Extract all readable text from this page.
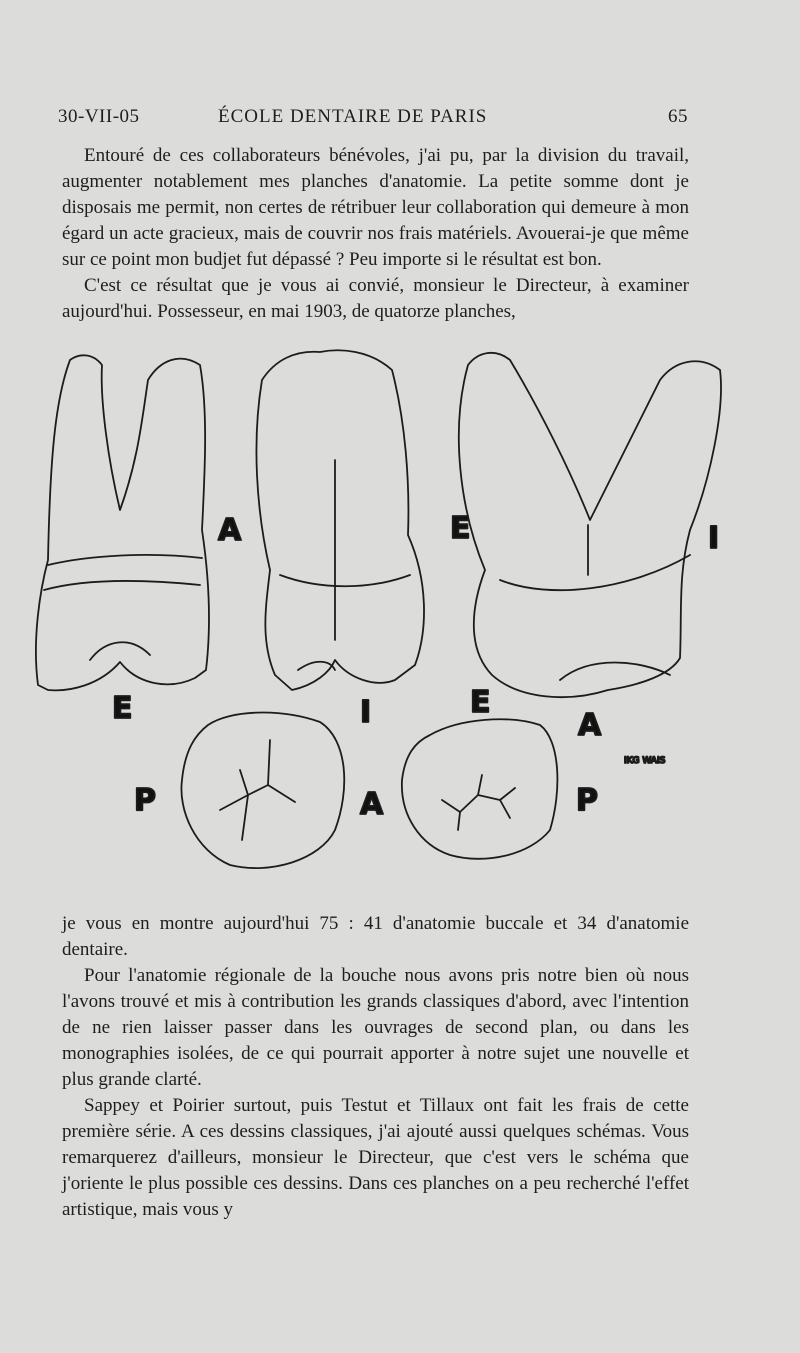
30-VII-05	ÉCOLE DENTAIRE DE PARIS	65

Entouré de ces collaborateurs bénévoles, j'ai pu, par la division du travail, augmenter notablement mes planches d'anatomie. La petite somme dont je disposais me permit, non certes de rétribuer leur collaboration qui demeure à mon égard un acte gracieux, mais de couvrir nos frais matériels. Avouerai-je que même sur ce point mon budjet fut dépassé ? Peu importe si le résultat est bon.

C'est ce résultat que je vous ai convié, monsieur le Directeur, à examiner aujourd'hui. Possesseur, en mai 1903, de quatorze planches,

A	E	I
E	I	E
A
P	A	P
IKG WAIS

je vous en montre aujourd'hui 75 : 41 d'anatomie buccale et 34 d'anatomie dentaire.

Pour l'anatomie régionale de la bouche nous avons pris notre bien où nous l'avons trouvé et mis à contribution les grands classiques d'abord, avec l'intention de ne rien laisser passer dans les ouvrages de second plan, ou dans les monographies isolées, de ce qui pourrait apporter à notre sujet une nouvelle et plus grande clarté.

Sappey et Poirier surtout, puis Testut et Tillaux ont fait les frais de cette première série. A ces dessins classiques, j'ai ajouté aussi quelques schémas. Vous remarquerez d'ailleurs, monsieur le Directeur, que c'est vers le schéma que j'oriente le plus possible ces dessins. Dans ces planches on a peu recherché l'effet artistique, mais vous y
